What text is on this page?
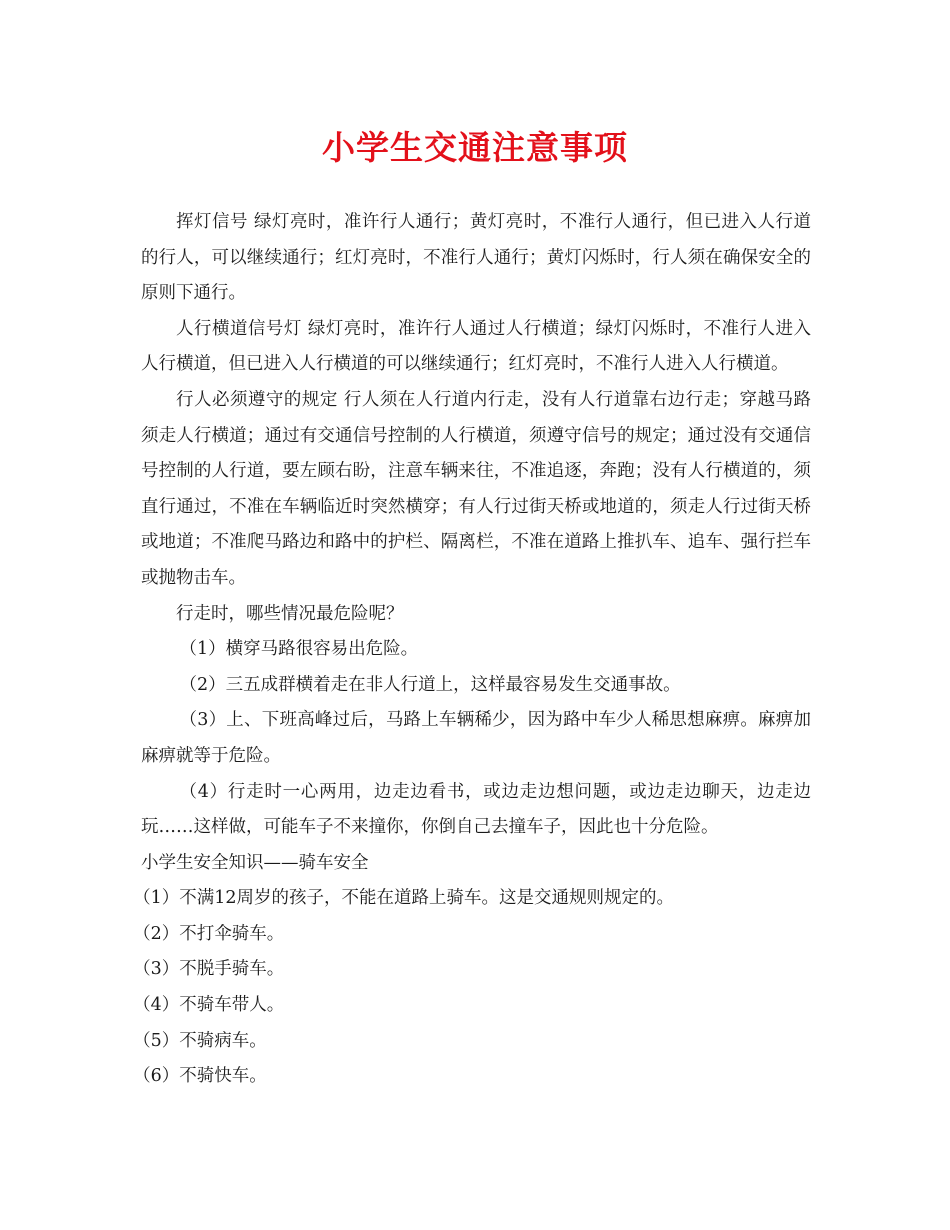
小学生交通注意事项

挥灯信号 绿灯亮时，准许行人通行；黄灯亮时，不准行人通行，但已进入人行道的行人，可以继续通行；红灯亮时，不准行人通行；黄灯闪烁时，行人须在确保安全的原则下通行。

人行横道信号灯 绿灯亮时，准许行人通过人行横道；绿灯闪烁时，不准行人进入人行横道，但已进入人行横道的可以继续通行；红灯亮时，不准行人进入人行横道。

行人必须遵守的规定 行人须在人行道内行走，没有人行道靠右边行走；穿越马路须走人行横道；通过有交通信号控制的人行横道，须遵守信号的规定；通过没有交通信号控制的人行道，要左顾右盼，注意车辆来往，不准追逐，奔跑；没有人行横道的，须直行通过，不准在车辆临近时突然横穿；有人行过街天桥或地道的，须走人行过街天桥或地道；不准爬马路边和路中的护栏、隔离栏，不准在道路上推扒车、追车、强行拦车或抛物击车。

行走时，哪些情况最危险呢？

（1）横穿马路很容易出危险。

（2）三五成群横着走在非人行道上，这样最容易发生交通事故。

（3）上、下班高峰过后，马路上车辆稀少，因为路中车少人稀思想麻痹。麻痹加麻痹就等于危险。

（4）行走时一心两用，边走边看书，或边走边想问题，或边走边聊天，边走边玩……这样做，可能车子不来撞你，你倒自己去撞车子，因此也十分危险。

小学生安全知识——骑车安全

（1）不满12周岁的孩子，不能在道路上骑车。这是交通规则规定的。

（2）不打伞骑车。

（3）不脱手骑车。

（4）不骑车带人。

（5）不骑病车。

（6）不骑快车。
